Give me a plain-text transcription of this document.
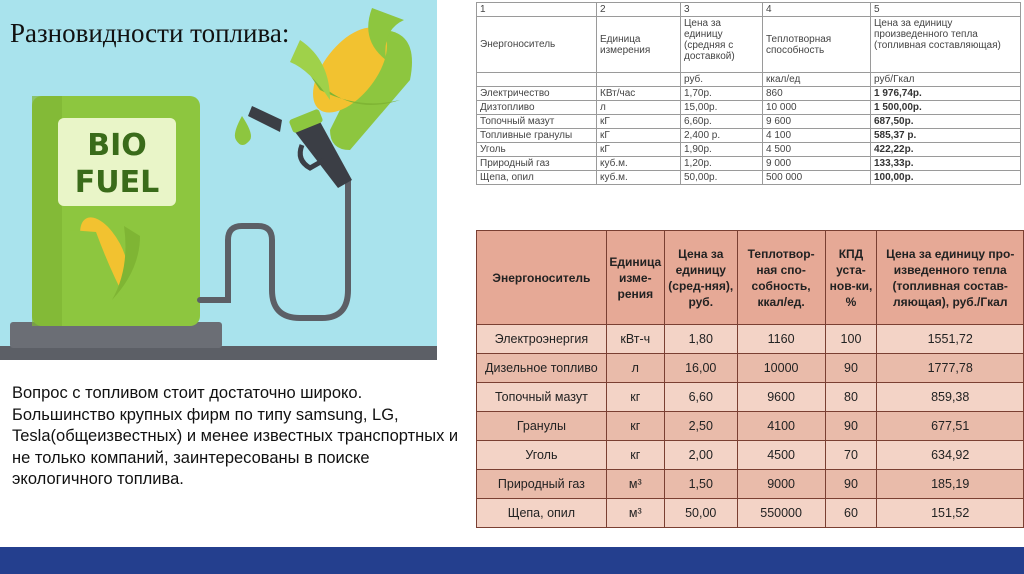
BIO
FUEL
Разновидности топлива:

Вопрос с топливом стоит достаточно широко. Большинство крупных фирм по типу samsung, LG, Tesla(общеизвестных) и менее известных транспортных и не только компаний, заинтересованы в поиске экологичного топлива.

1	2	3	4	5
Энергоноситель	Единица измерения	Цена за единицу (средняя с доставкой)	Теплотворная способность	Цена за единицу произведенного тепла (топливная составляющая)
		руб.	ккал/ед	руб/Гкал
Электричество	КВт/час	1,70р.	860	1 976,74р.
Дизтопливо	л	15,00р.	10 000	1 500,00р.
Топочный мазут	кГ	6,60р.	9 600	687,50р.
Топливные гранулы	кГ	2,400 р.	4 100	585,37 р.
Уголь	кГ	1,90р.	4 500	422,22р.
Природный газ	куб.м.	1,20р.	9 000	133,33р.
Щепа, опил	куб.м.	50,00р.	500 000	100,00р.
Энергоноситель	Единица изме-рения	Цена за единицу (сред-няя), руб.	Теплотвор-ная спо-собность, ккал/ед.	КПД уста-нов-ки, %	Цена за единицу про-изведенного тепла (топливная состав-ляющая), руб./Гкал
Электроэнергия	кВт-ч	1,80	1160	100	1551,72
Дизельное топливо	л	16,00	10000	90	1777,78
Топочный мазут	кг	6,60	9600	80	859,38
Гранулы	кг	2,50	4100	90	677,51
Уголь	кг	2,00	4500	70	634,92
Природный газ	м³	1,50	9000	90	185,19
Щепа, опил	м³	50,00	550000	60	151,52
